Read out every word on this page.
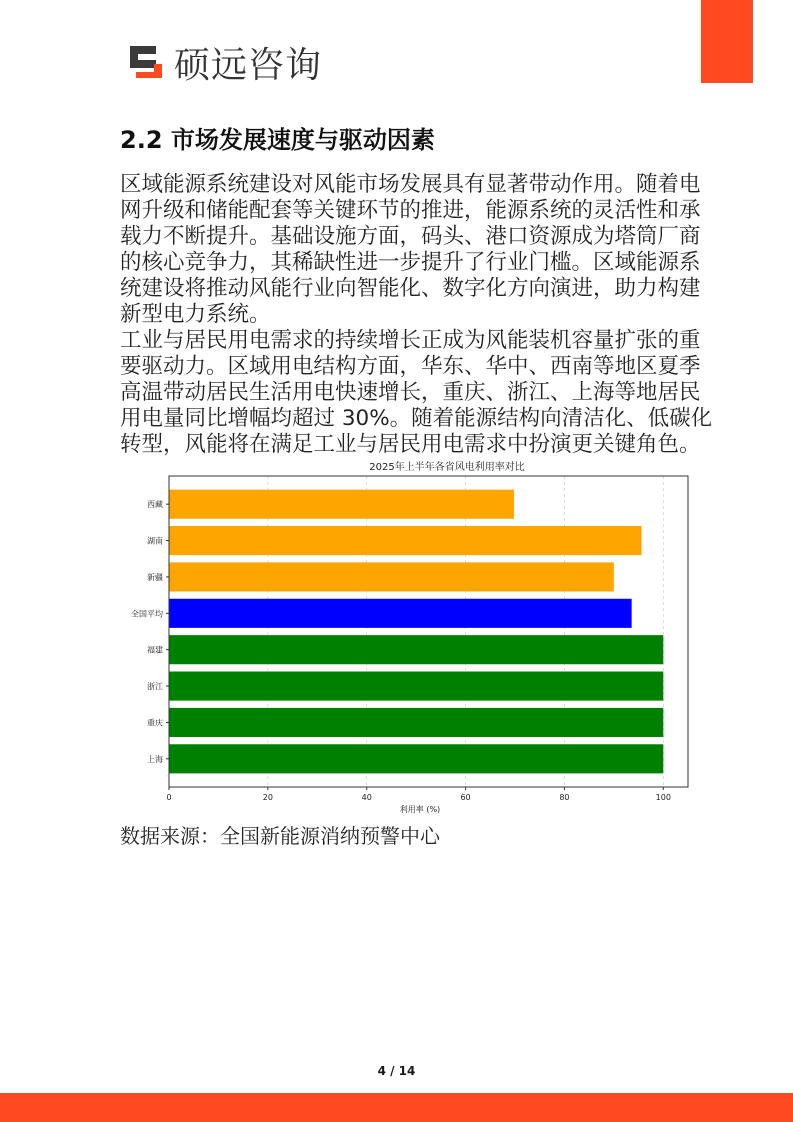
硕远咨询
2.2 市场发展速度与驱动因素
区域能源系统建设对风能市场发展具有显著带动作用。随着电
网升级和储能配套等关键环节的推进，能源系统的灵活性和承
载力不断提升。基础设施方面，码头、港口资源成为塔筒厂商
的核心竞争力，其稀缺性进一步提升了行业门槛。区域能源系
统建设将推动风能行业向智能化、数字化方向演进，助力构建
新型电力系统。
工业与居民用电需求的持续增长正成为风能装机容量扩张的重
要驱动力。区域用电结构方面，华东、华中、西南等地区夏季
高温带动居民生活用电快速增长，重庆、浙江、上海等地居民
用电量同比增幅均超过 30%。随着能源结构向清洁化、低碳化
转型，风能将在满足工业与居民用电需求中扮演更关键角色。
2025年上半年各省风电利用率对比
西藏
湖南
新疆
全国平均
福建
浙江
重庆
上海
0	20	40	60	80	100
利用率 (%)
数据来源：全国新能源消纳预警中心
4 / 14
